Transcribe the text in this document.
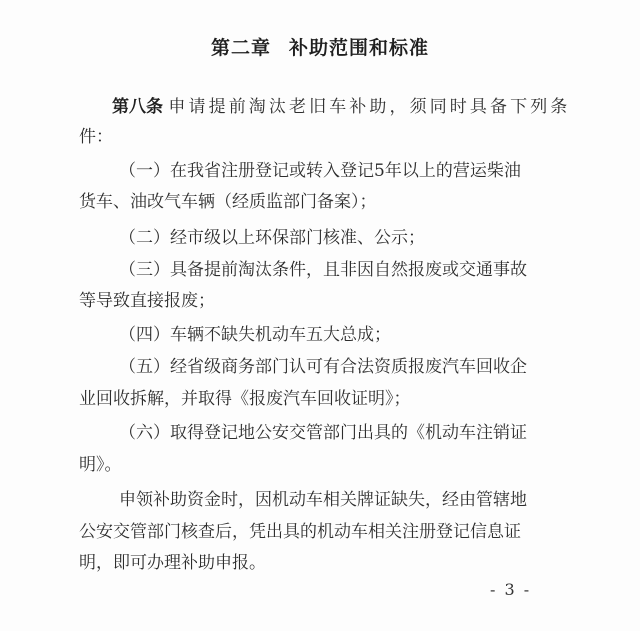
第二章 补助范围和标准
第八条 申请提前淘汰老旧车补助，须同时具备下列条
件：
（一）在我省注册登记或转入登记5年以上的营运柴油
货车、油改气车辆（经质监部门备案）；
（二）经市级以上环保部门核准、公示；
（三）具备提前淘汰条件，且非因自然报废或交通事故
等导致直接报废；
（四）车辆不缺失机动车五大总成；
（五）经省级商务部门认可有合法资质报废汽车回收企
业回收拆解，并取得《报废汽车回收证明》；
（六）取得登记地公安交管部门出具的《机动车注销证
明》。
申领补助资金时，因机动车相关牌证缺失，经由管辖地
公安交管部门核查后，凭出具的机动车相关注册登记信息证
明，即可办理补助申报。
- 3 -
